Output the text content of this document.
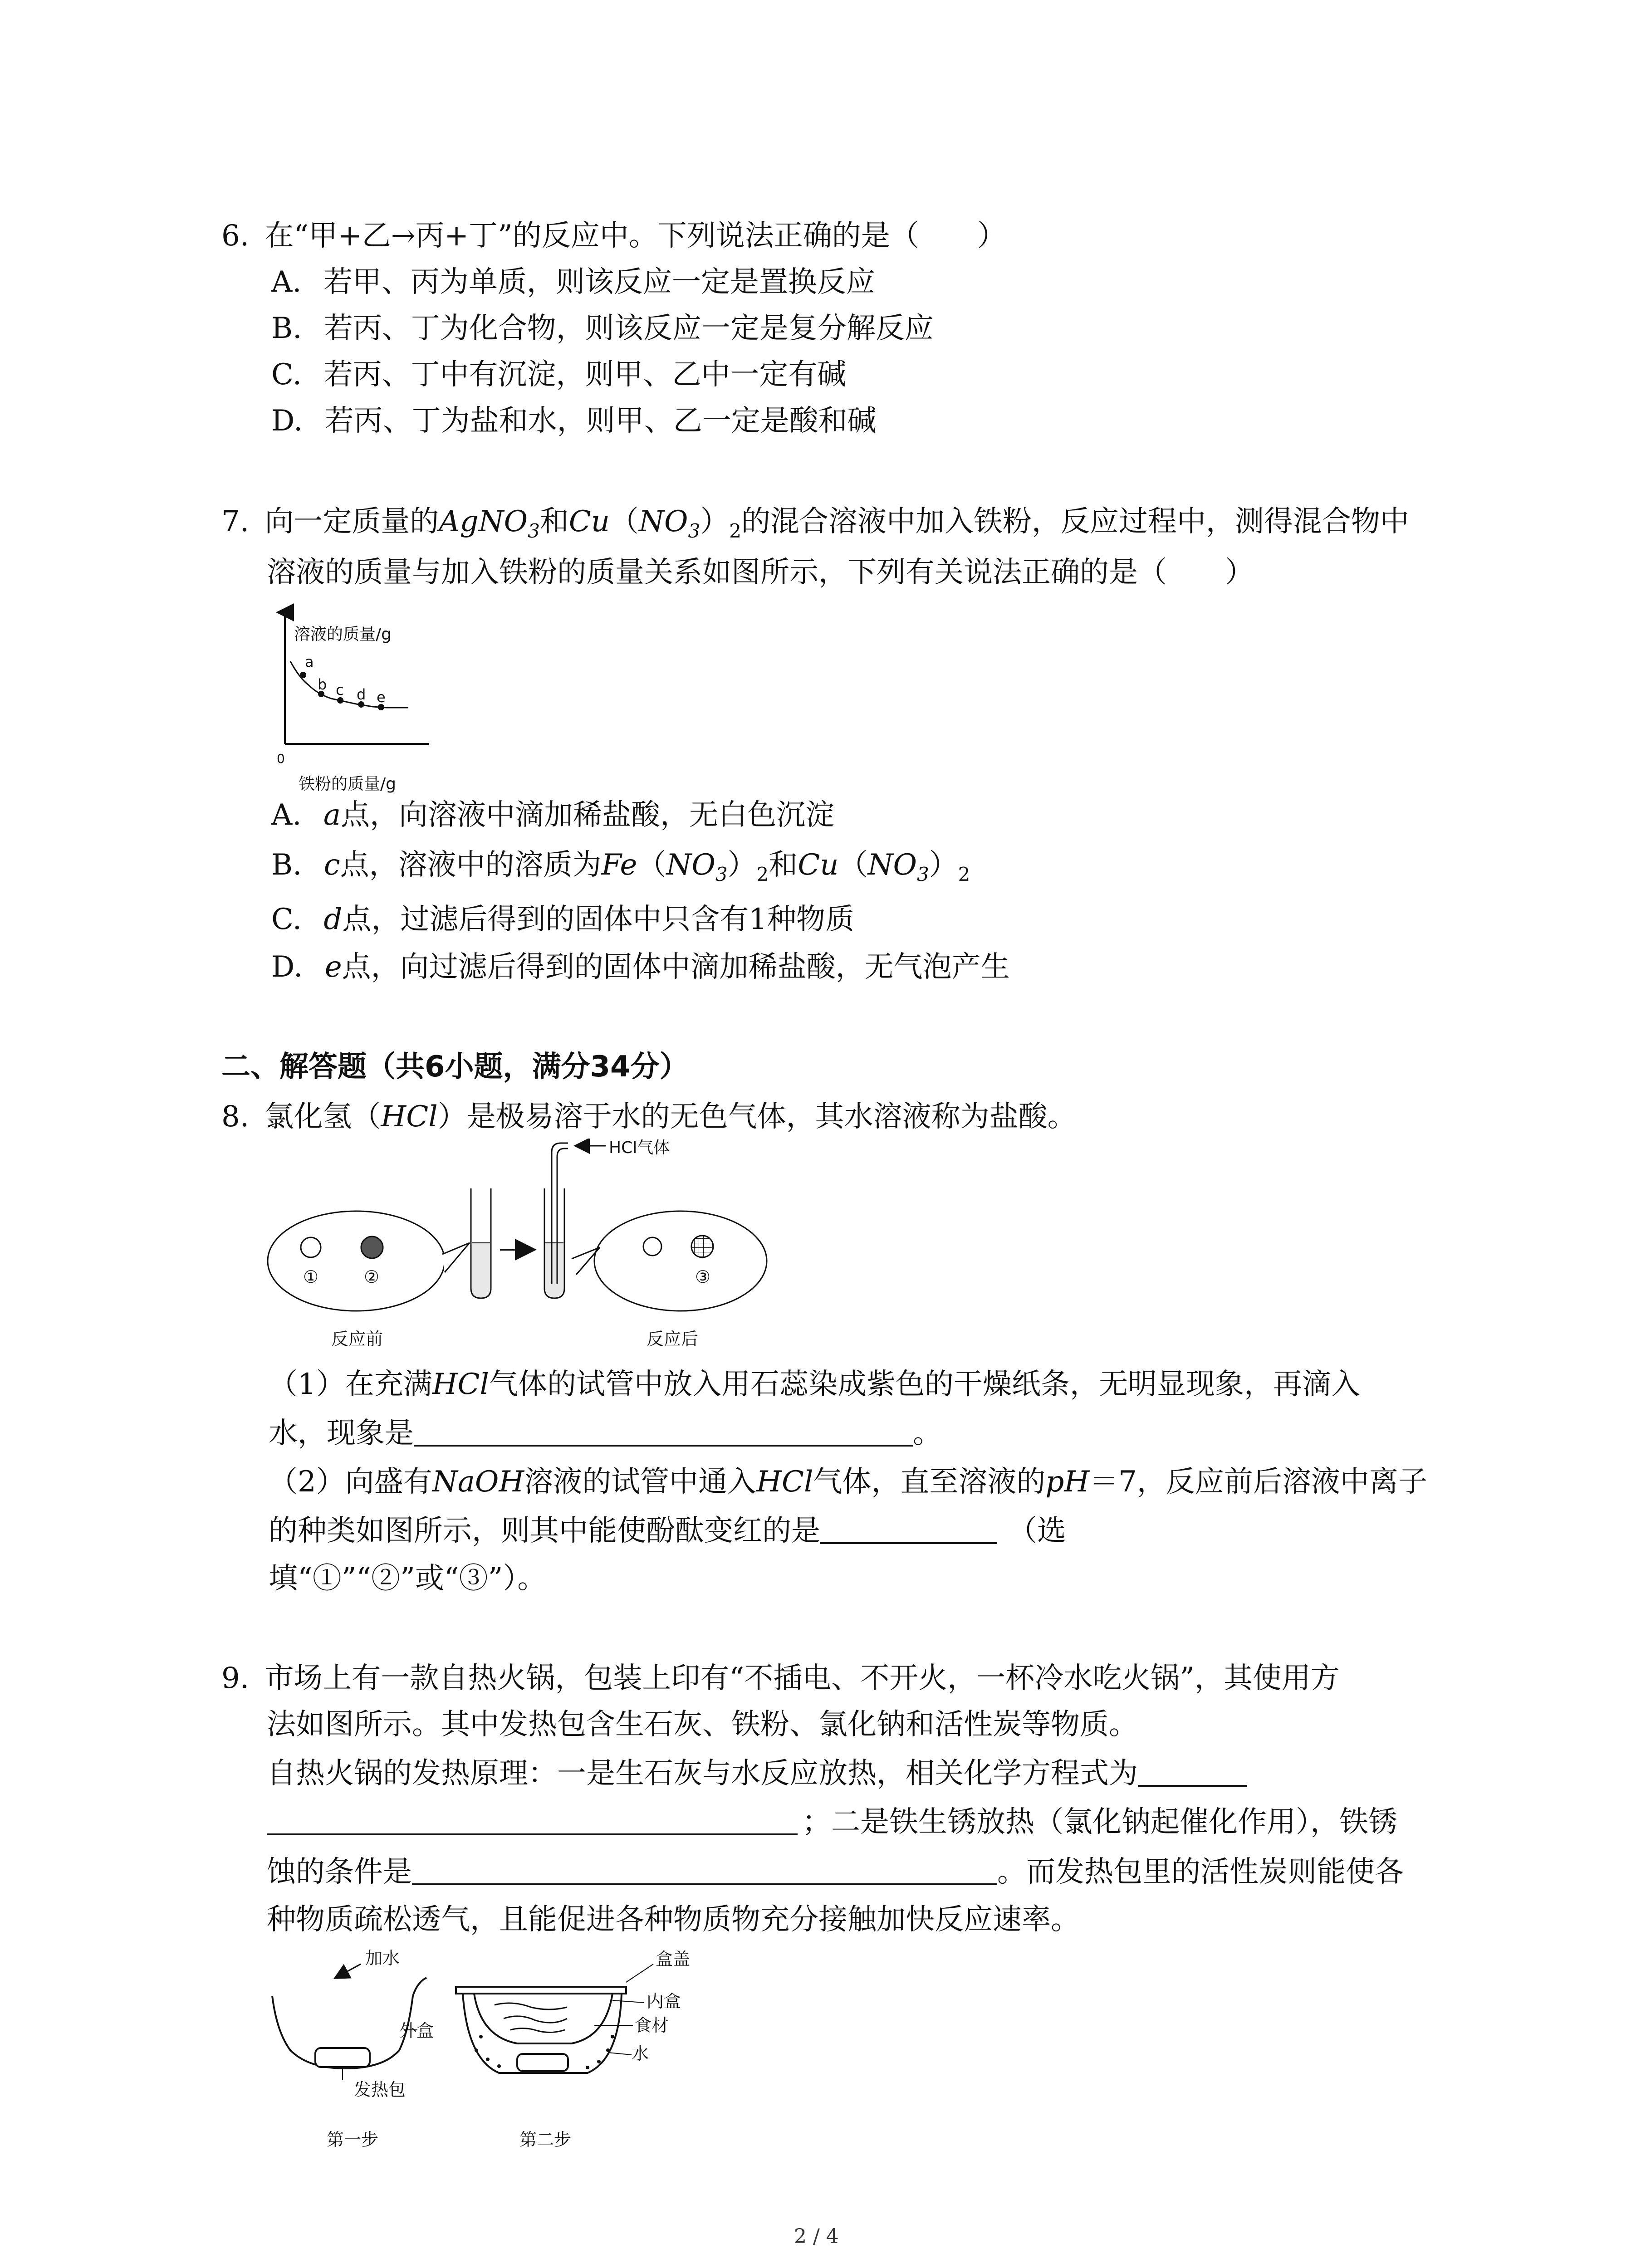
6. 在“甲+乙→丙+丁”的反应中。下列说法正确的是（　　）
A. 若甲、丙为单质，则该反应一定是置换反应
B. 若丙、丁为化合物，则该反应一定是复分解反应
C. 若丙、丁中有沉淀，则甲、乙中一定有碱
D. 若丙、丁为盐和水，则甲、乙一定是酸和碱
7. 向一定质量的AgNO$_3$和$Cu(NO_3)_2$的混合溶液中加入铁粉，反应过程中，测得混合物中
溶液的质量与加入铁粉的质量关系如图所示，下列有关说法正确的是（　　）
溶液的质量/g
0
铁粉的质量/g
a
b c d e
A. a点，向溶液中滴加稀盐酸，无白色沉淀
B. c点，溶液中的溶质为$Fe(NO_3)_2$和$Cu(NO_3)_2$
C. d点，过滤后得到的固体中只含有1种物质
D. e点，向过滤后得到的固体中滴加稀盐酸，无气泡产生
二、解答题（共6小题，满分34分）
8. 氯化氢（HCl）是极易溶于水的无色气体，其水溶液称为盐酸。
①	②
HCl气体
③
反应前	反应后
（1）在充满HCl气体的试管中放入用石蕊染成紫色的干燥纸条，无明显现象，再滴入
水，现象是	。
（2）向盛有NaOH溶液的试管中通入HCl气体，直至溶液的pH＝7，反应前后溶液中离子
的种类如图所示，则其中能使酚酞变红的是	（选
填“①”“②”或“③”）。
9. 市场上有一款自热火锅，包装上印有“不插电、不开火，一杯冷水吃火锅”，其使用方
法如图所示。其中发热包含生石灰、铁粉、氯化钠和活性炭等物质。
自热火锅的发热原理：一是生石灰与水反应放热，相关化学方程式为
；二是铁生锈放热（氯化钠起催化作用），铁锈
蚀的条件是	。而发热包里的活性炭则能使各
种物质疏松透气，且能促进各种物质物充分接触加快反应速率。
加水
外盒
发热包
第一步
盒盖
内盒
食材
水
第二步
2 / 4
